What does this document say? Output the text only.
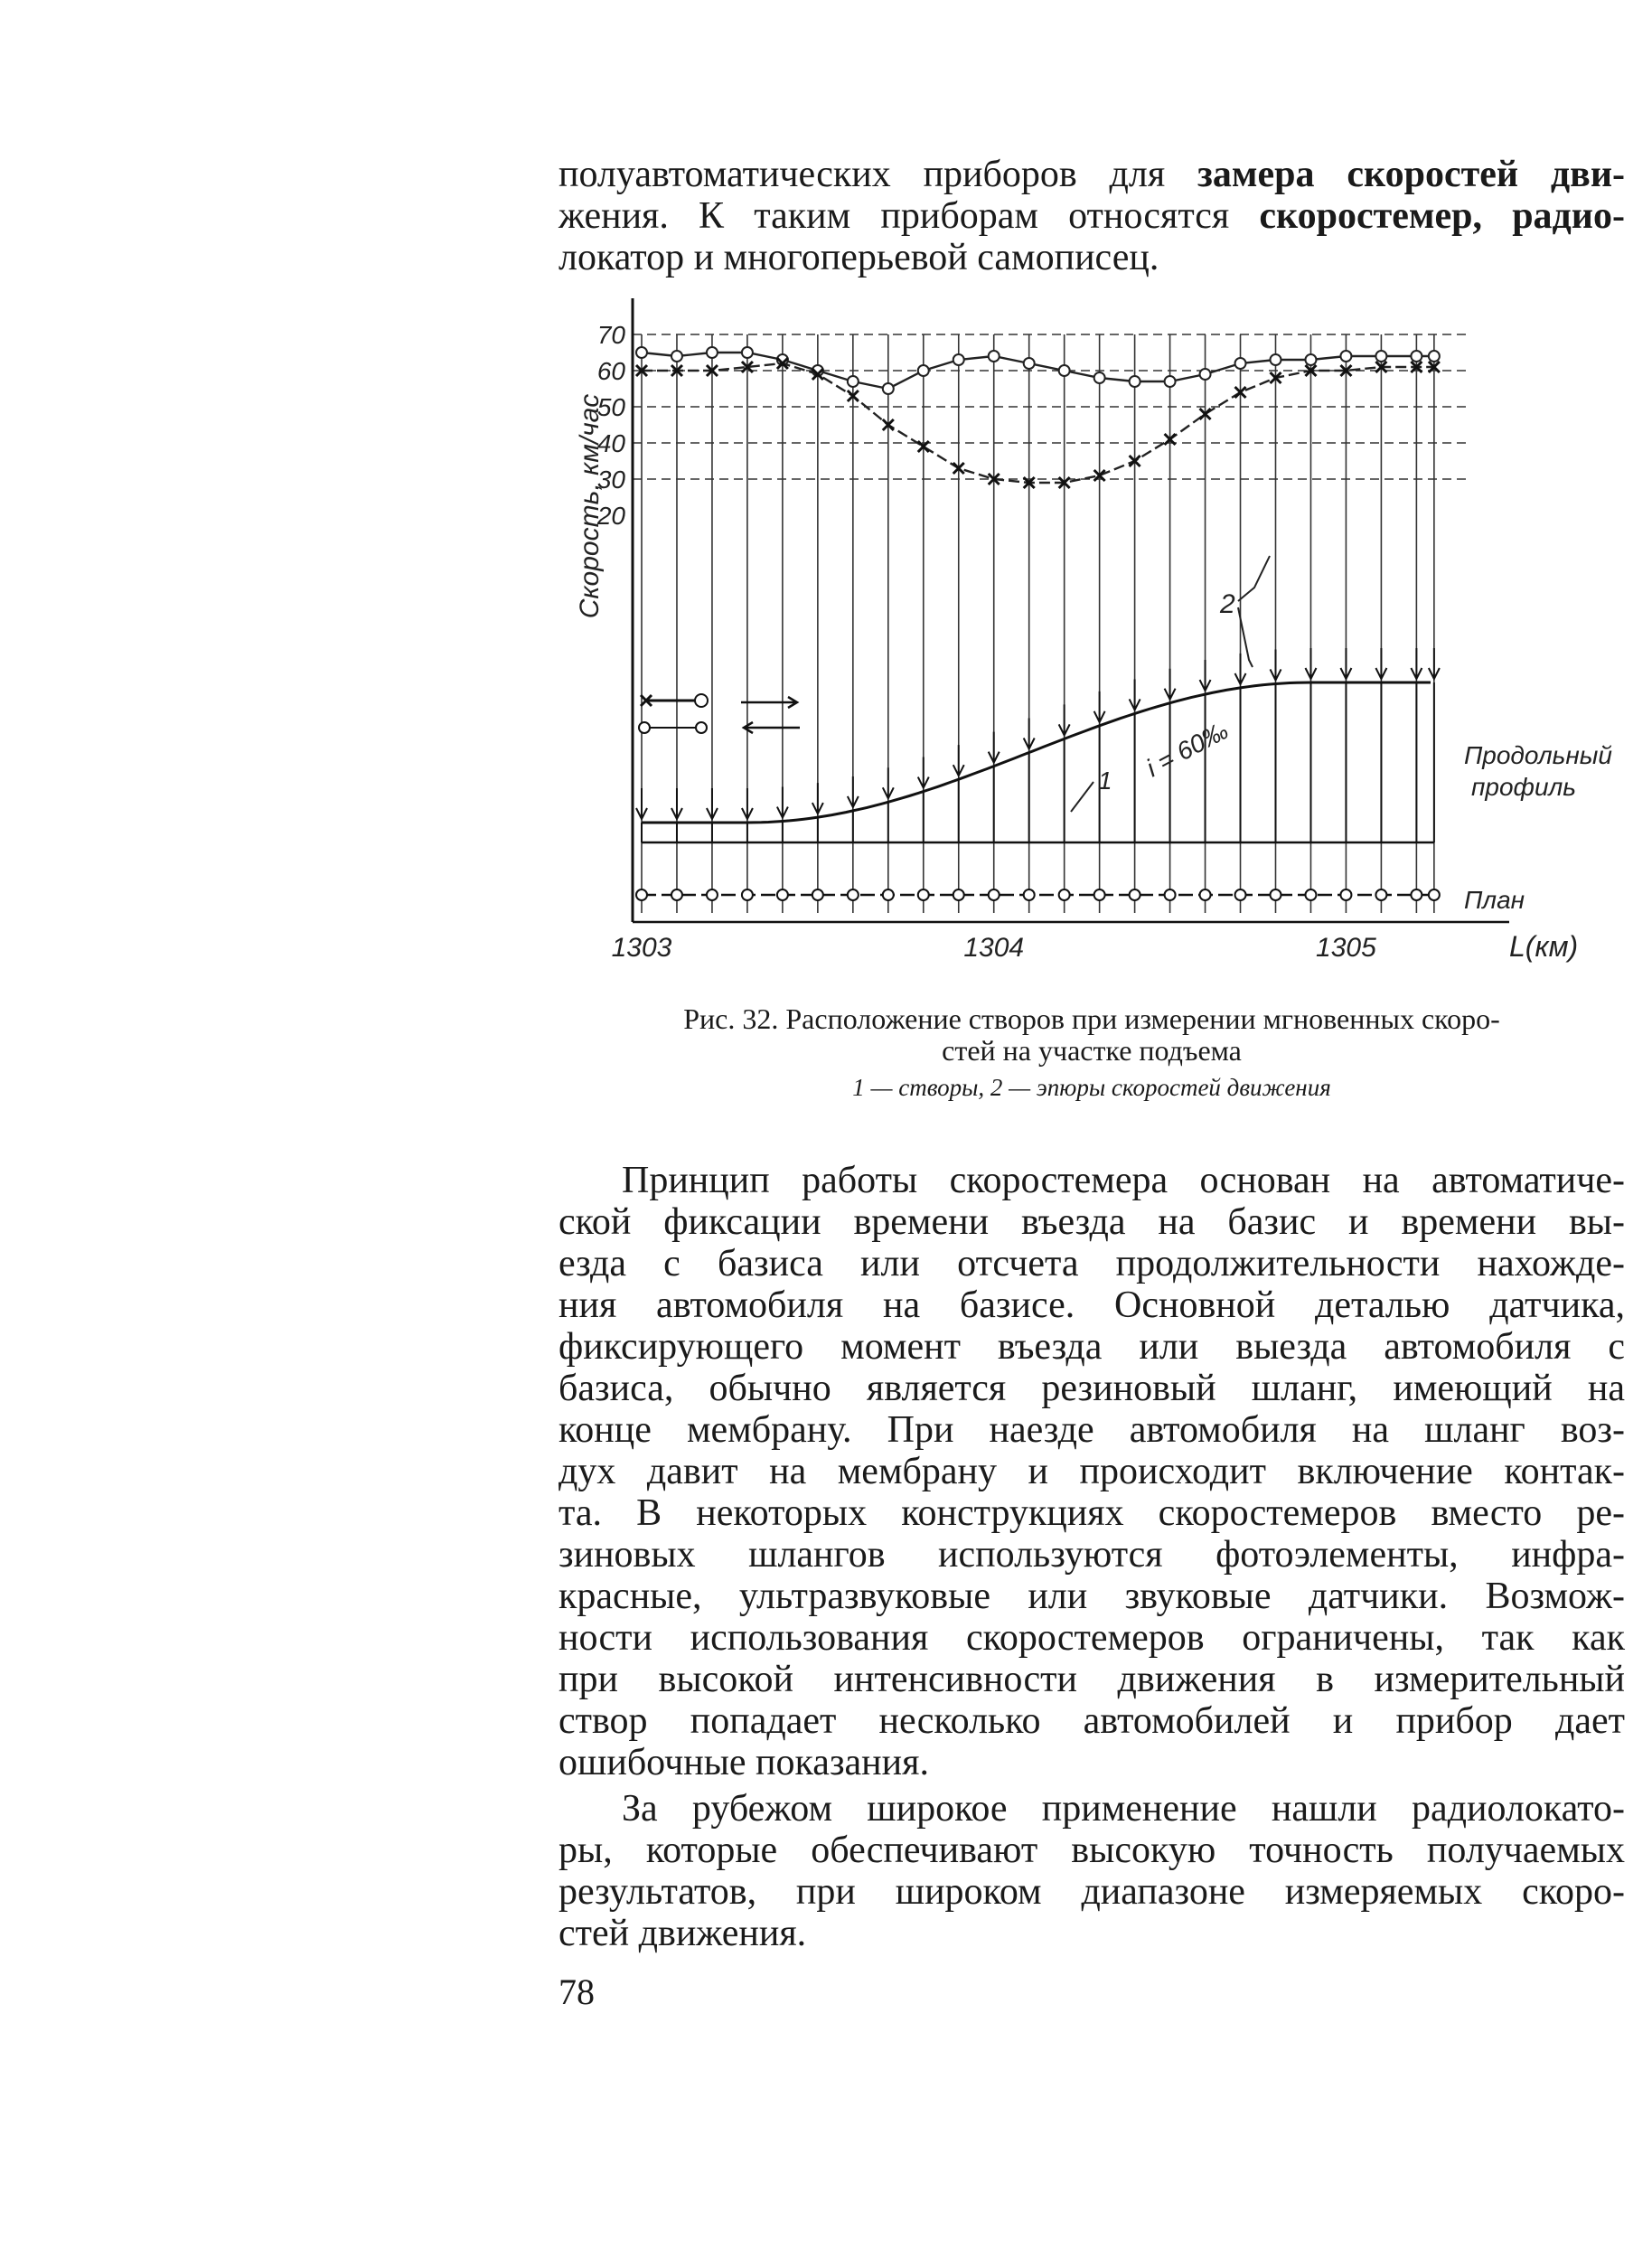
полуавтоматических приборов для замера скоростей дви-
жения. К таким приборам относятся скоростемер, радио-
локатор и многоперьевой самописец.
70
60
50
40
30
20
1303	1304	1305
Скорость, км/час
L(км)
Продольный
профиль
План
i = 60‰
1
2

Рис. 32. Расположение створов при измерении мгновенных скоро-

стей на участке подъема

1 — створы, 2 — эпюры скоростей движения

Принцип работы скоростемера основан на автоматиче-
ской фиксации времени въезда на базис и времени вы-
езда с базиса или отсчета продолжительности нахожде-
ния автомобиля на базисе. Основной деталью датчика,
фиксирующего момент въезда или выезда автомобиля с
базиса, обычно является резиновый шланг, имеющий на
конце мембрану. При наезде автомобиля на шланг воз-
дух давит на мембрану и происходит включение контак-
та. В некоторых конструкциях скоростемеров вместо ре-
зиновых шлангов используются фотоэлементы, инфра-
красные, ультразвуковые или звуковые датчики. Возмож-
ности использования скоростемеров ограничены, так как
при высокой интенсивности движения в измерительный
створ попадает несколько автомобилей и прибор дает
ошибочные показания.
За рубежом широкое применение нашли радиолокато-
ры, которые обеспечивают высокую точность получаемых
результатов, при широком диапазоне измеряемых скоро-
стей движения.
78
